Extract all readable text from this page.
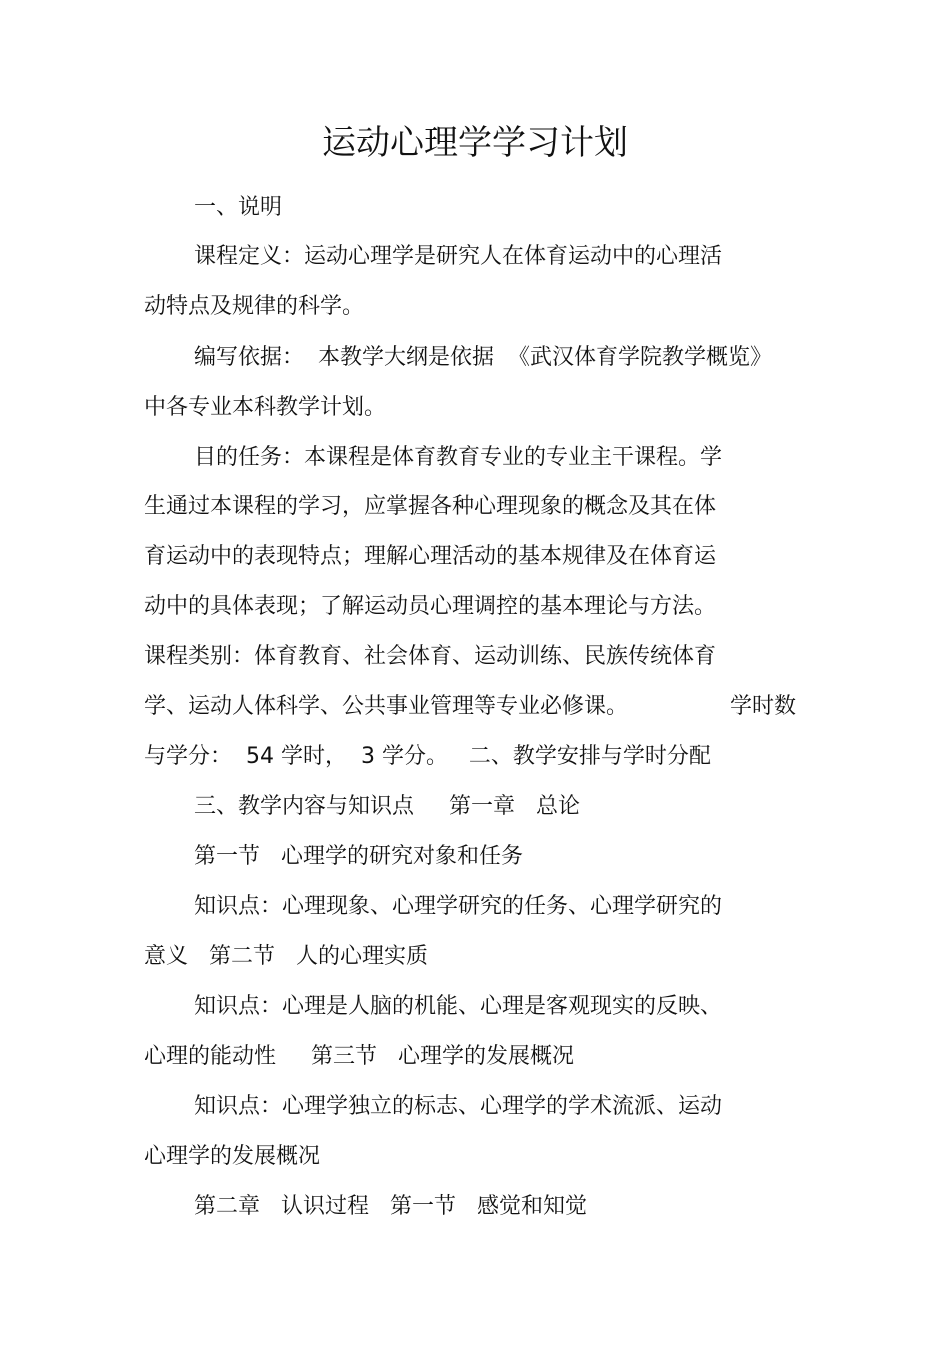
运动心理学学习计划
一、说明
课程定义：运动心理学是研究人在体育运动中的心理活
动特点及规律的科学。
编写依据：  本教学大纲是依据  《武汉体育学院教学概览》
中各专业本科教学计划。
目的任务：本课程是体育教育专业的专业主干课程。学
生通过本课程的学习，应掌握各种心理现象的概念及其在体
育运动中的表现特点；理解心理活动的基本规律及在体育运
动中的具体表现；了解运动员心理调控的基本理论与方法。
课程类别：体育教育、社会体育、运动训练、民族传统体育
学、运动人体科学、公共事业管理等专业必修课。	学时数
与学分：  54 学时，  3 学分。   二、教学安排与学时分配
三、教学内容与知识点     第一章   总论
第一节   心理学的研究对象和任务
知识点：心理现象、心理学研究的任务、心理学研究的
意义   第二节   人的心理实质
知识点：心理是人脑的机能、心理是客观现实的反映、
心理的能动性     第三节   心理学的发展概况
知识点：心理学独立的标志、心理学的学术流派、运动
心理学的发展概况
第二章   认识过程   第一节   感觉和知觉
